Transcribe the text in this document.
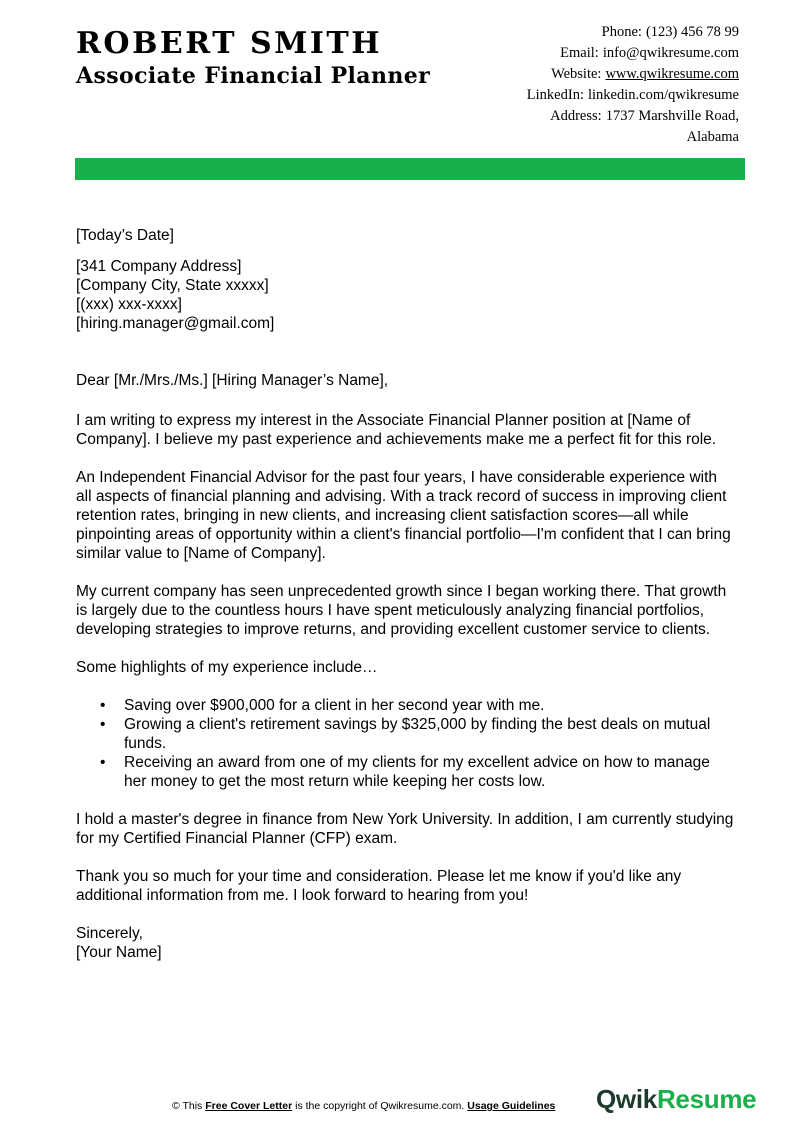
ROBERT SMITH
Associate Financial Planner
Phone: (123) 456 78 99
Email: info@qwikresume.com
Website: www.qwikresume.com
LinkedIn: linkedin.com/qwikresume
Address: 1737 Marshville Road,
Alabama

[Today’s Date]

[341 Company Address]

[Company City, State xxxxx]

[(xxx) xxx-xxxx]

[hiring.manager@gmail.com]

Dear [Mr./Mrs./Ms.] [Hiring Manager’s Name],

I am writing to express my interest in the Associate Financial Planner position at [Name of Company]. I believe my past experience and achievements make me a perfect fit for this role.

An Independent Financial Advisor for the past four years, I have considerable experience with all aspects of financial planning and advising. With a track record of success in improving client retention rates, bringing in new clients, and increasing client satisfaction scores—all while pinpointing areas of opportunity within a client's financial portfolio—I'm confident that I can bring similar value to [Name of Company].

My current company has seen unprecedented growth since I began working there. That growth is largely due to the countless hours I have spent meticulously analyzing financial portfolios, developing strategies to improve returns, and providing excellent customer service to clients.

Some highlights of my experience include…

• Saving over $900,000 for a client in her second year with me.
• Growing a client's retirement savings by $325,000 by finding the best deals on mutual funds.
• Receiving an award from one of my clients for my excellent advice on how to manage her money to get the most return while keeping her costs low.

I hold a master's degree in finance from New York University. In addition, I am currently studying for my Certified Financial Planner (CFP) exam.

Thank you so much for your time and consideration. Please let me know if you'd like any additional information from me. I look forward to hearing from you!

Sincerely,

[Your Name]

© This Free Cover Letter is the copyright of Qwikresume.com. Usage Guidelines QwikResume
